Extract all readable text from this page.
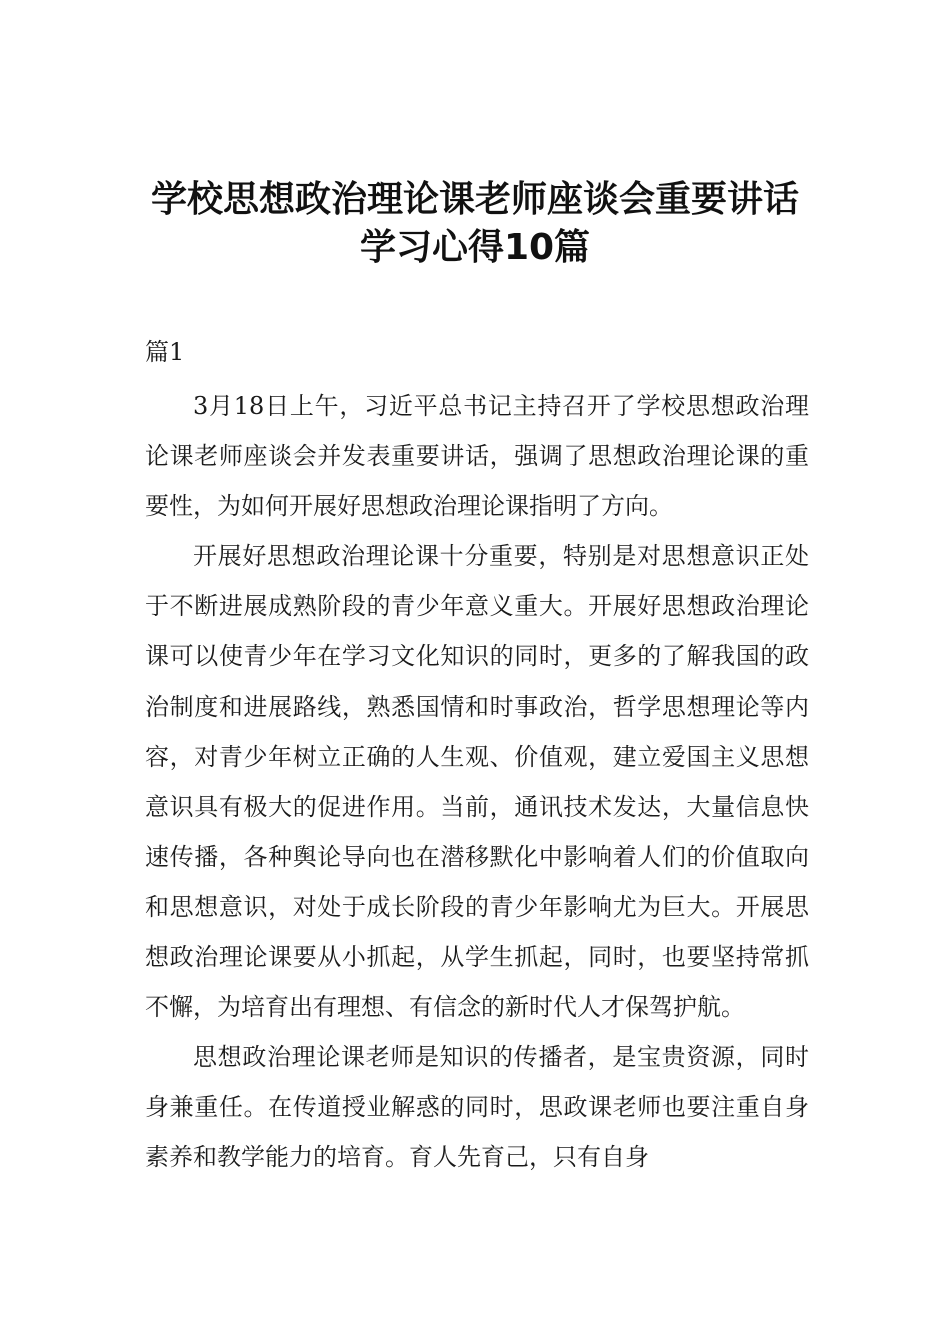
学校思想政治理论课老师座谈会重要讲话
学习心得10篇
篇1

3月18日上午，习近平总书记主持召开了学校思想政治理论课老师座谈会并发表重要讲话，强调了思想政治理论课的重要性，为如何开展好思想政治理论课指明了方向。

开展好思想政治理论课十分重要，特别是对思想意识正处于不断进展成熟阶段的青少年意义重大。开展好思想政治理论课可以使青少年在学习文化知识的同时，更多的了解我国的政治制度和进展路线，熟悉国情和时事政治，哲学思想理论等内容，对青少年树立正确的人生观、价值观，建立爱国主义思想意识具有极大的促进作用。当前，通讯技术发达，大量信息快速传播，各种舆论导向也在潜移默化中影响着人们的价值取向和思想意识，对处于成长阶段的青少年影响尤为巨大。开展思想政治理论课要从小抓起，从学生抓起，同时，也要坚持常抓不懈，为培育出有理想、有信念的新时代人才保驾护航。

思想政治理论课老师是知识的传播者，是宝贵资源，同时身兼重任。在传道授业解惑的同时，思政课老师也要注重自身素养和教学能力的培育。育人先育己，只有自身
